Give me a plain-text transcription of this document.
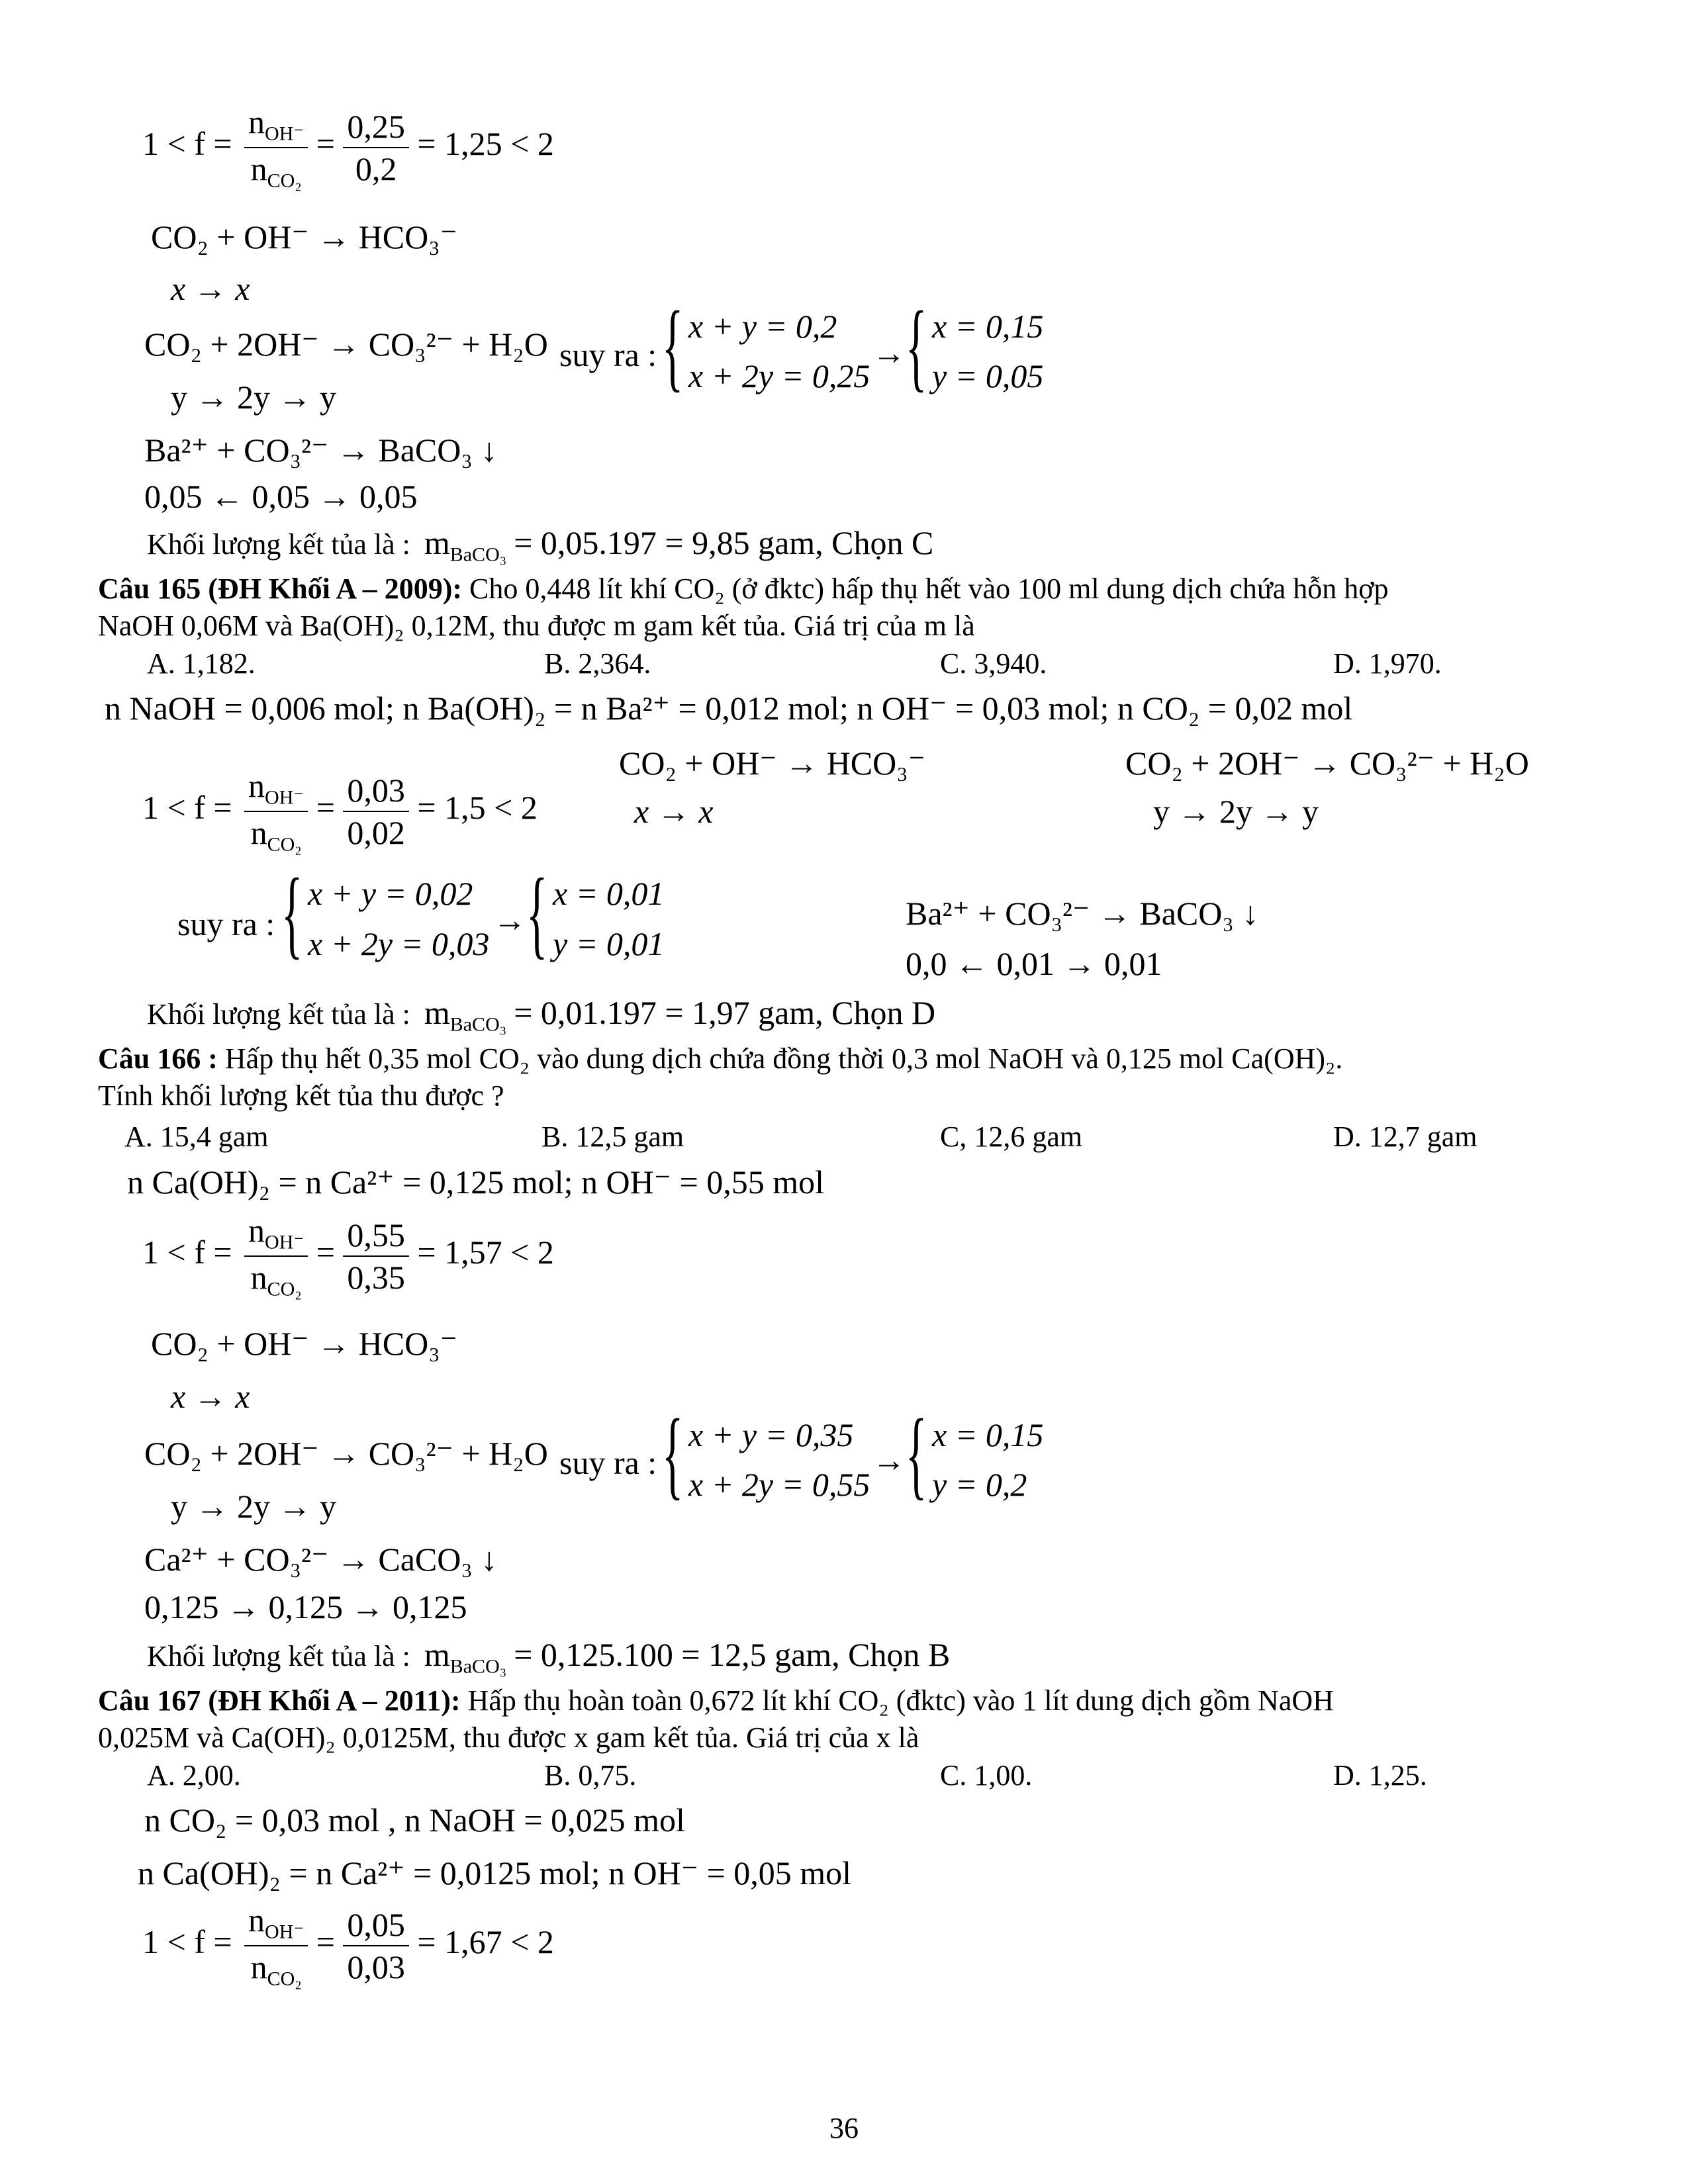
$1 < f = \frac{n_{OH^-}}{n_{CO_2}} = \frac{0,25}{0,2} = 1,25 < 2$
CO₂ + OH⁻ → HCO₃⁻
x → x
CO₂ + 2OH⁻ → CO₃²⁻ + H₂O
y → 2y → y
suy ra : { x + y = 0,2
x + 2y = 0,25
→ { x = 0,15
y = 0,05
Ba²⁺ + CO₃²⁻ → BaCO₃ ↓
0,05 ← 0,05 → 0,05
Khối lượng kết tủa là : $m_{BaCO_3} = 0,05.197 = 9,85$ gam, Chọn C
Câu 165 (ĐH Khối A – 2009): Cho 0,448 lít khí CO₂ (ở đktc) hấp thụ hết vào 100 ml dung dịch chứa hỗn hợp
NaOH 0,06M và Ba(OH)₂ 0,12M, thu được m gam kết tủa. Giá trị của m là
A. 1,182.	B. 2,364.	C. 3,940.	D. 1,970.
n NaOH = 0,006 mol; n Ba(OH)₂ = n Ba²⁺ = 0,012 mol; n OH⁻ = 0,03 mol; n CO₂ = 0,02 mol
$1 < f = \frac{n_{OH^-}}{n_{CO_2}} = \frac{0,03}{0,02} = 1,5 < 2$
CO₂ + OH⁻ → HCO₃⁻
x → x
CO₂ + 2OH⁻ → CO₃²⁻ + H₂O
y → 2y → y
suy ra : { x + y = 0,02
x + 2y = 0,03
→ { x = 0,01
y = 0,01
Ba²⁺ + CO₃²⁻ → BaCO₃ ↓
0,0 ← 0,01 → 0,01
Khối lượng kết tủa là : $m_{BaCO_3} = 0,01.197 = 1,97$ gam, Chọn D
Câu 166 : Hấp thụ hết 0,35 mol CO₂ vào dung dịch chứa đồng thời 0,3 mol NaOH và 0,125 mol Ca(OH)₂.
Tính khối lượng kết tủa thu được ?
A. 15,4 gam	B. 12,5 gam	C, 12,6 gam	D. 12,7 gam
n Ca(OH)₂ = n Ca²⁺ = 0,125 mol; n OH⁻ = 0,55 mol
$1 < f = \frac{n_{OH^-}}{n_{CO_2}} = \frac{0,55}{0,35} = 1,57 < 2$
CO₂ + OH⁻ → HCO₃⁻
x → x
CO₂ + 2OH⁻ → CO₃²⁻ + H₂O
y → 2y → y
suy ra : { x + y = 0,35
x + 2y = 0,55
→ { x = 0,15
y = 0,2
Ca²⁺ + CO₃²⁻ → CaCO₃ ↓
0,125 → 0,125 → 0,125
Khối lượng kết tủa là : $m_{BaCO_3} = 0,125.100 = 12,5$ gam, Chọn B
Câu 167 (ĐH Khối A – 2011): Hấp thụ hoàn toàn 0,672 lít khí CO₂ (đktc) vào 1 lít dung dịch gồm NaOH
0,025M và Ca(OH)₂ 0,0125M, thu được x gam kết tủa. Giá trị của x là
A. 2,00.	B. 0,75.	C. 1,00.	D. 1,25.
n CO₂ = 0,03 mol , n NaOH = 0,025 mol
n Ca(OH)₂ = n Ca²⁺ = 0,0125 mol; n OH⁻ = 0,05 mol
$1 < f = \frac{n_{OH^-}}{n_{CO_2}} = \frac{0,05}{0,03} = 1,67 < 2$
36
